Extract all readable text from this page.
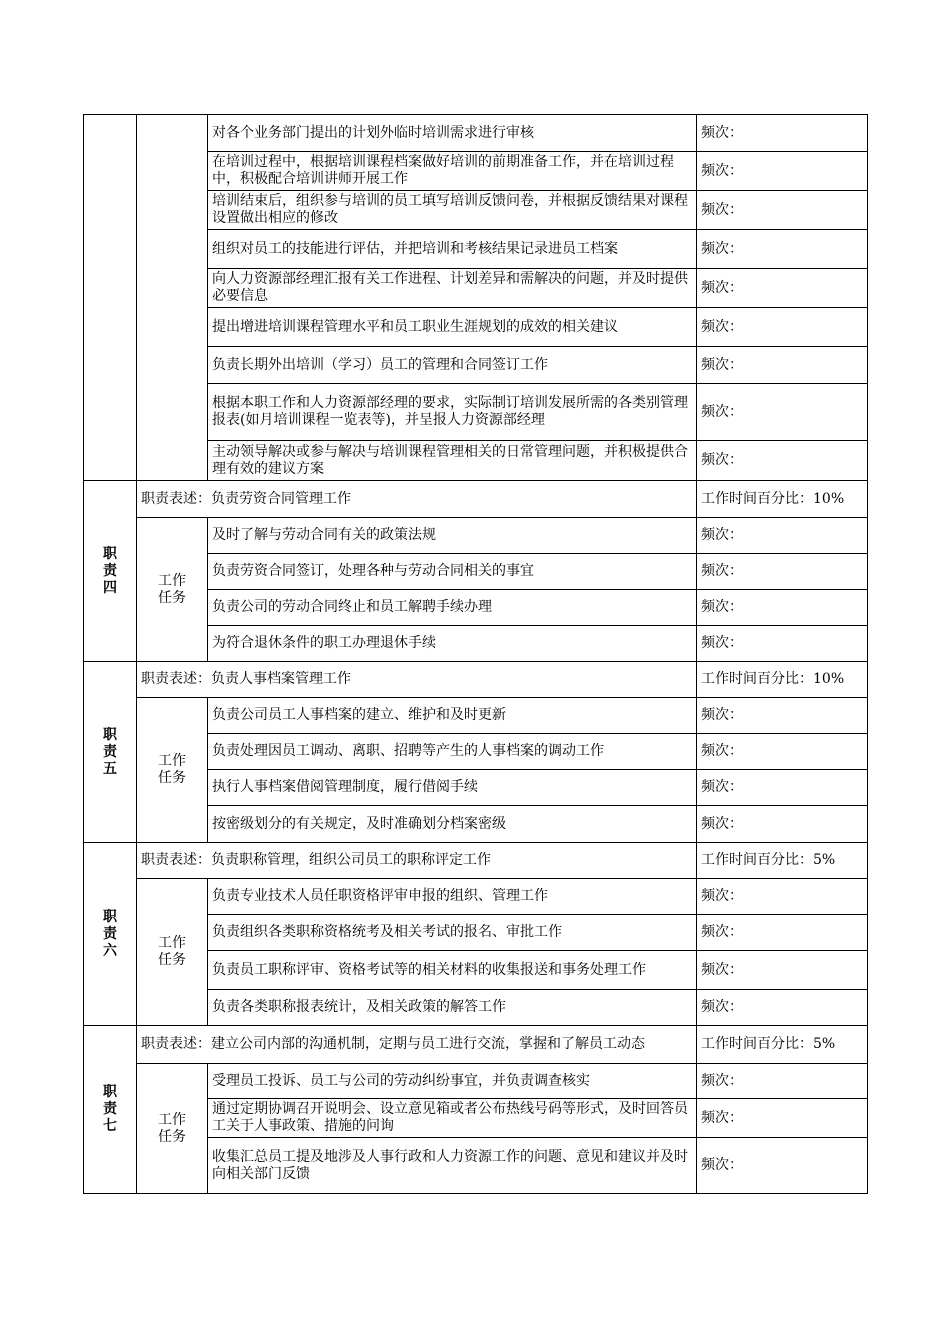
		对各个业务部门提出的计划外临时培训需求进行审核	频次：
		在培训过程中，根据培训课程档案做好培训的前期准备工作，并在培训过程中，积极配合培训讲师开展工作	频次：
		培训结束后，组织参与培训的员工填写培训反馈问卷，并根据反馈结果对课程设置做出相应的修改	频次：
		组织对员工的技能进行评估，并把培训和考核结果记录进员工档案	频次：
		向人力资源部经理汇报有关工作进程、计划差异和需解决的问题，并及时提供必要信息	频次：
		提出增进培训课程管理水平和员工职业生涯规划的成效的相关建议	频次：
		负责长期外出培训（学习）员工的管理和合同签订工作	频次：
		根据本职工作和人力资源部经理的要求，实际制订培训发展所需的各类别管理报表(如月培训课程一览表等)，并呈报人力资源部经理	频次：
		主动领导解决或参与解决与培训课程管理相关的日常管理问题，并积极提供合理有效的建议方案	频次：

职
责
四	职责表述：负责劳资合同管理工作		工作时间百分比：10%

	工作
任务	及时了解与劳动合同有关的政策法规	频次：
		负责劳资合同签订，处理各种与劳动合同相关的事宜	频次：
		负责公司的劳动合同终止和员工解聘手续办理	频次：
		为符合退休条件的职工办理退休手续	频次：

职
责
五	职责表述：负责人事档案管理工作		工作时间百分比：10%

	工作
任务	负责公司员工人事档案的建立、维护和及时更新	频次：
		负责处理因员工调动、离职、招聘等产生的人事档案的调动工作	频次：
		执行人事档案借阅管理制度，履行借阅手续	频次：
		按密级划分的有关规定，及时准确划分档案密级	频次：

职
责
六	职责表述：负责职称管理，组织公司员工的职称评定工作		工作时间百分比：5%

	工作
任务	负责专业技术人员任职资格评审申报的组织、管理工作	频次：
		负责组织各类职称资格统考及相关考试的报名、审批工作	频次：
		负责员工职称评审、资格考试等的相关材料的收集报送和事务处理工作	频次：
		负责各类职称报表统计，及相关政策的解答工作	频次：

职
责
七	职责表述：建立公司内部的沟通机制，定期与员工进行交流，掌握和了解员工动态		工作时间百分比：5%

	工作
任务	受理员工投诉、员工与公司的劳动纠纷事宜，并负责调查核实	频次：
		通过定期协调召开说明会、设立意见箱或者公布热线号码等形式，及时回答员工关于人事政策、措施的问询	频次：
		收集汇总员工提及地涉及人事行政和人力资源工作的问题、意见和建议并及时向相关部门反馈	频次：
